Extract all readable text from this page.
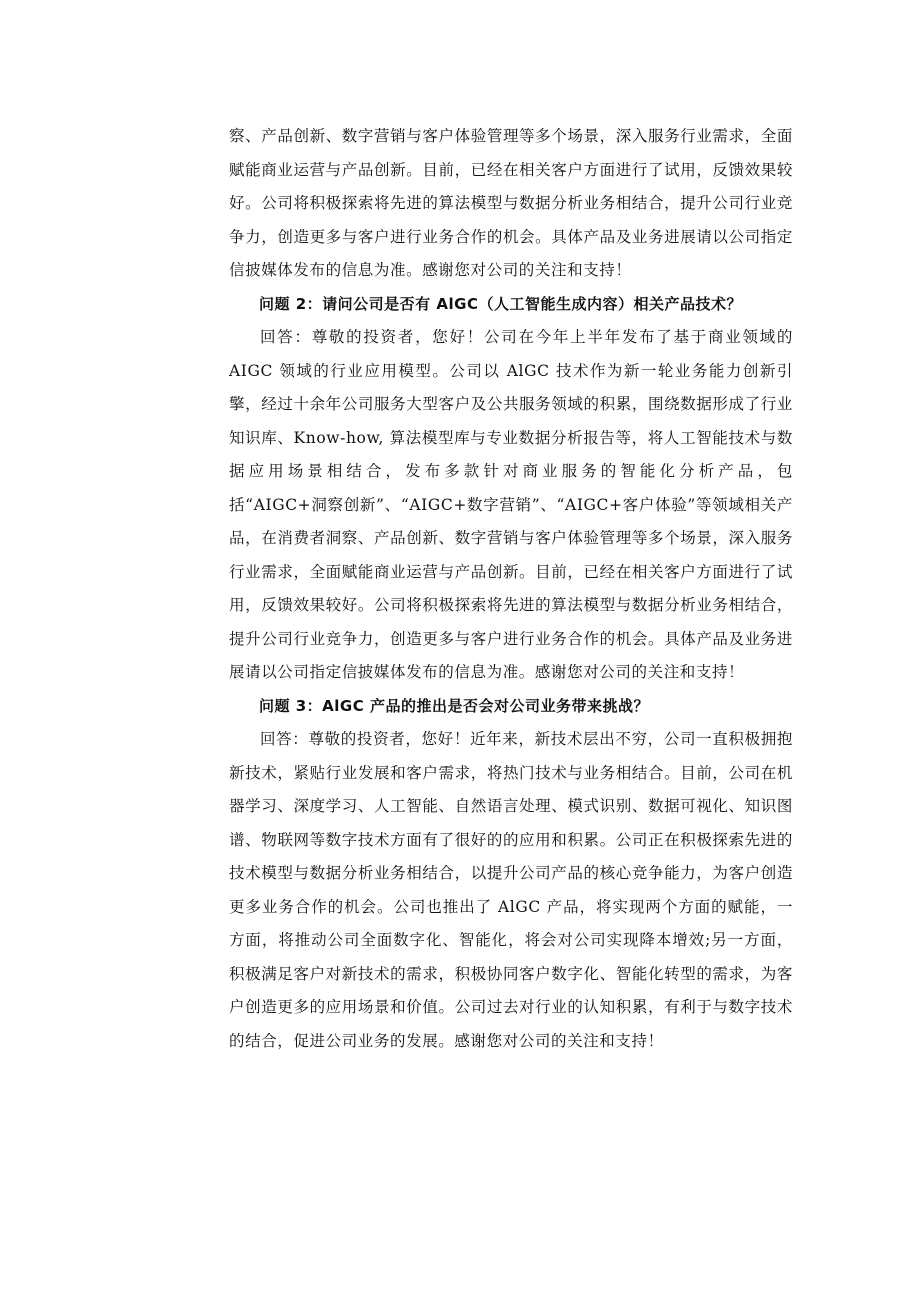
察、产品创新、数字营销与客户体验管理等多个场景，深入服务行业需求，全面赋能商业运营与产品创新。目前，已经在相关客户方面进行了试用，反馈效果较好。公司将积极探索将先进的算法模型与数据分析业务相结合，提升公司行业竞争力，创造更多与客户进行业务合作的机会。具体产品及业务进展请以公司指定信披媒体发布的信息为准。感谢您对公司的关注和支持！

问题 2：请问公司是否有 AlGC（人工智能生成内容）相关产品技术？

回答：尊敬的投资者，您好！公司在今年上半年发布了基于商业领域的 AIGC 领域的行业应用模型。公司以 AlGC 技术作为新一轮业务能力创新引擎，经过十余年公司服务大型客户及公共服务领域的积累，围绕数据形成了行业知识库、Know-how, 算法模型库与专业数据分析报告等，将人工智能技术与数据应用场景相结合，发布多款针对商业服务的智能化分析产品，包括“AIGC+洞察创新”、“AIGC+数字营销”、“AIGC+客户体验”等领域相关产品，在消费者洞察、产品创新、数字营销与客户体验管理等多个场景，深入服务行业需求，全面赋能商业运营与产品创新。目前，已经在相关客户方面进行了试用，反馈效果较好。公司将积极探索将先进的算法模型与数据分析业务相结合，提升公司行业竞争力，创造更多与客户进行业务合作的机会。具体产品及业务进展请以公司指定信披媒体发布的信息为准。感谢您对公司的关注和支持！

问题 3：AlGC 产品的推出是否会对公司业务带来挑战？

回答：尊敬的投资者，您好！近年来，新技术层出不穷，公司一直积极拥抱新技术，紧贴行业发展和客户需求，将热门技术与业务相结合。目前，公司在机器学习、深度学习、人工智能、自然语言处理、模式识别、数据可视化、知识图谱、物联网等数字技术方面有了很好的的应用和积累。公司正在积极探索先进的技术模型与数据分析业务相结合，以提升公司产品的核心竞争能力，为客户创造更多业务合作的机会。公司也推出了 AlGC 产品，将实现两个方面的赋能，一方面，将推动公司全面数字化、智能化，将会对公司实现降本增效;另一方面，积极满足客户对新技术的需求，积极协同客户数字化、智能化转型的需求，为客户创造更多的应用场景和价值。公司过去对行业的认知积累，有利于与数字技术的结合，促进公司业务的发展。感谢您对公司的关注和支持！
